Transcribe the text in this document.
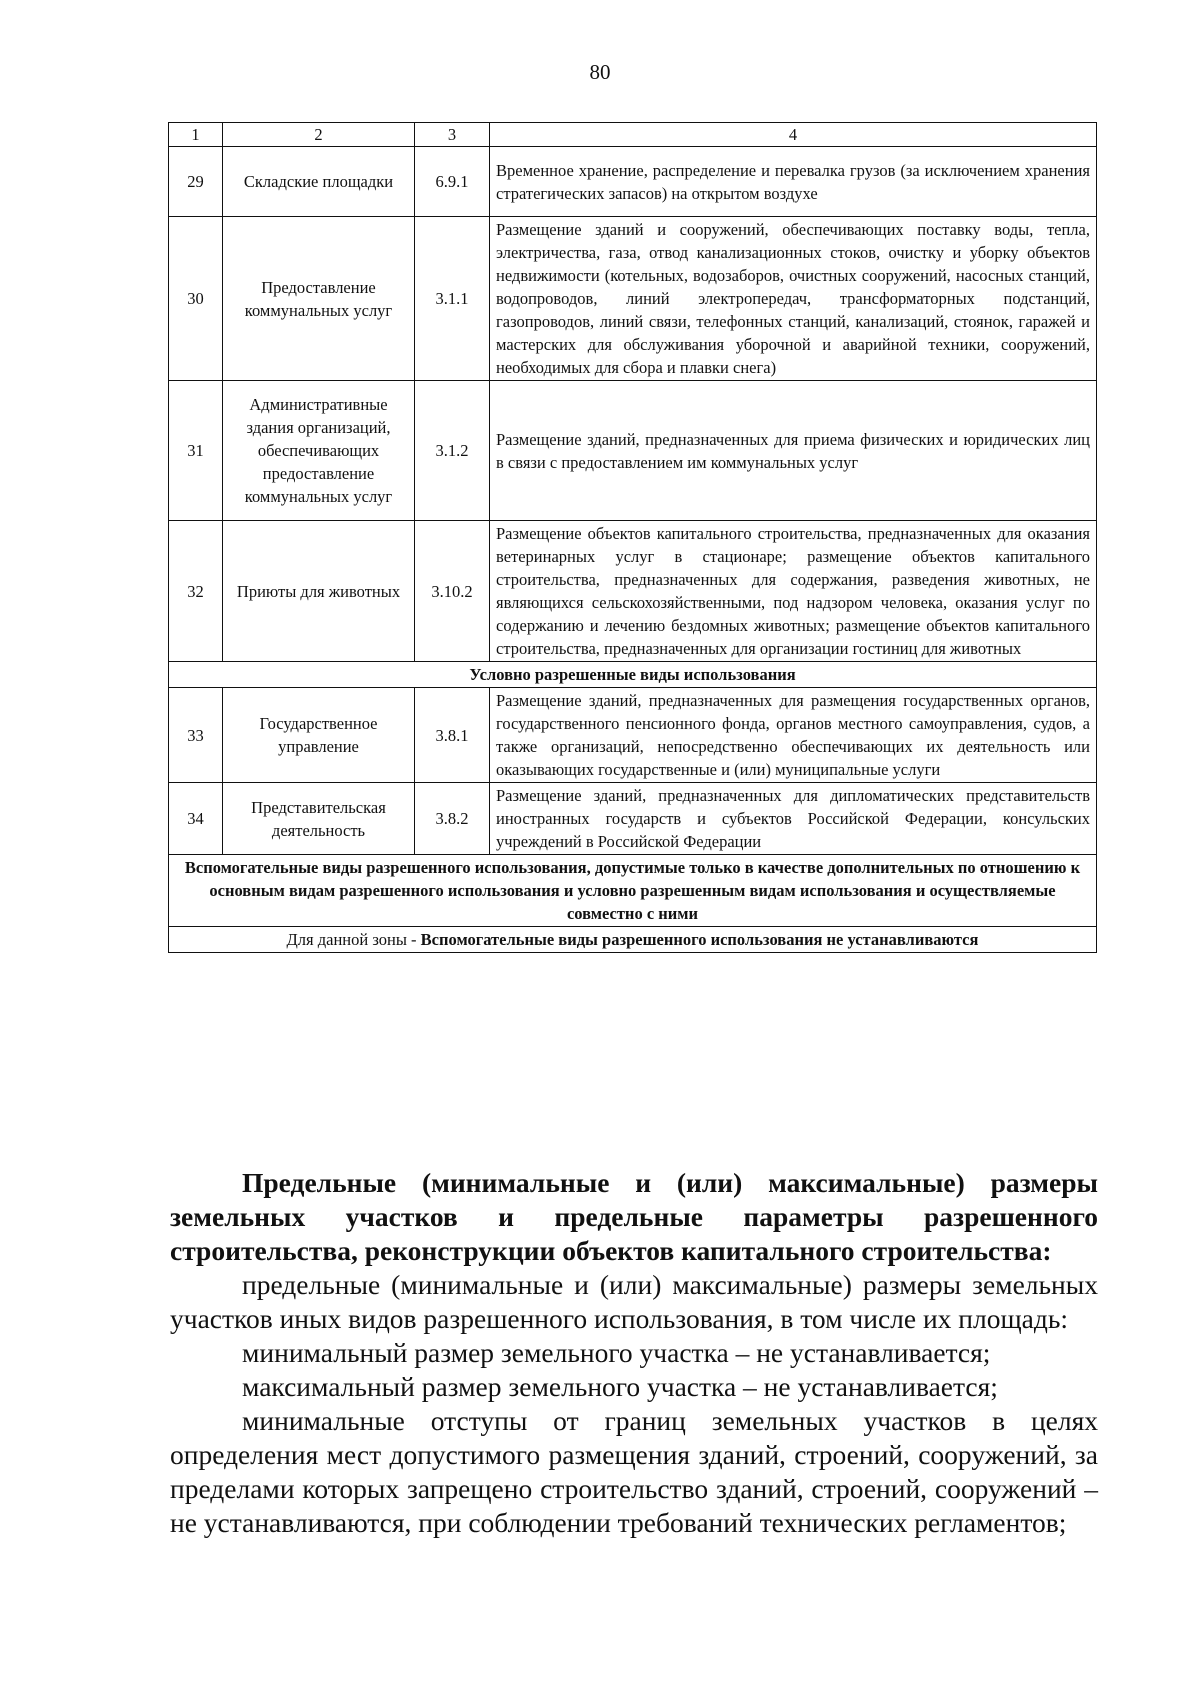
80
1	2	3	4
29	Складские площадки	6.9.1	Временное хранение, распределение и перевалка грузов (за исключением хранения стратегических запасов) на открытом воздухе
30	Предоставление коммунальных услуг	3.1.1	Размещение зданий и сооружений, обеспечивающих поставку воды, тепла, электричества, газа, отвод канализационных стоков, очистку и уборку объектов недвижимости (котельных, водозаборов, очистных сооружений, насосных станций, водопроводов, линий электропередач, трансформаторных подстанций, газопроводов, линий связи, телефонных станций, канализаций, стоянок, гаражей и мастерских для обслуживания уборочной и аварийной техники, сооружений, необходимых для сбора и плавки снега)
31	Административные здания организаций, обеспечивающих предоставление коммунальных услуг	3.1.2	Размещение зданий, предназначенных для приема физических и юридических лиц в связи с предоставлением им коммунальных услуг
32	Приюты для животных	3.10.2	Размещение объектов капитального строительства, предназначенных для оказания ветеринарных услуг в стационаре; размещение объектов капитального строительства, предназначенных для содержания, разведения животных, не являющихся сельскохозяйственными, под надзором человека, оказания услуг по содержанию и лечению бездомных животных; размещение объектов капитального строительства, предназначенных для организации гостиниц для животных
Условно разрешенные виды использования			
33	Государственное управление	3.8.1	Размещение зданий, предназначенных для размещения государственных органов, государственного пенсионного фонда, органов местного самоуправления, судов, а также организаций, непосредственно обеспечивающих их деятельность или оказывающих государственные и (или) муниципальные услуги
34	Представительская деятельность	3.8.2	Размещение зданий, предназначенных для дипломатических представительств иностранных государств и субъектов Российской Федерации, консульских учреждений в Российской Федерации
Вспомогательные виды разрешенного использования, допустимые только в качестве дополнительных по отношению к основным видам разрешенного использования и условно разрешенным видам использования и осуществляемые совместно с ними			
Для данной зоны - Вспомогательные виды разрешенного использования не устанавливаются			

Предельные (минимальные и (или) максимальные) размеры земельных участков и предельные параметры разрешенного строительства, реконструкции объектов капитального строительства:

предельные (минимальные и (или) максимальные) размеры земельных участков иных видов разрешенного использования, в том числе их площадь:

минимальный размер земельного участка – не устанавливается;

максимальный размер земельного участка – не устанавливается;

минимальные отступы от границ земельных участков в целях определения мест допустимого размещения зданий, строений, сооружений, за пределами которых запрещено строительство зданий, строений, сооружений – не устанавливаются, при соблюдении требований технических регламентов;
